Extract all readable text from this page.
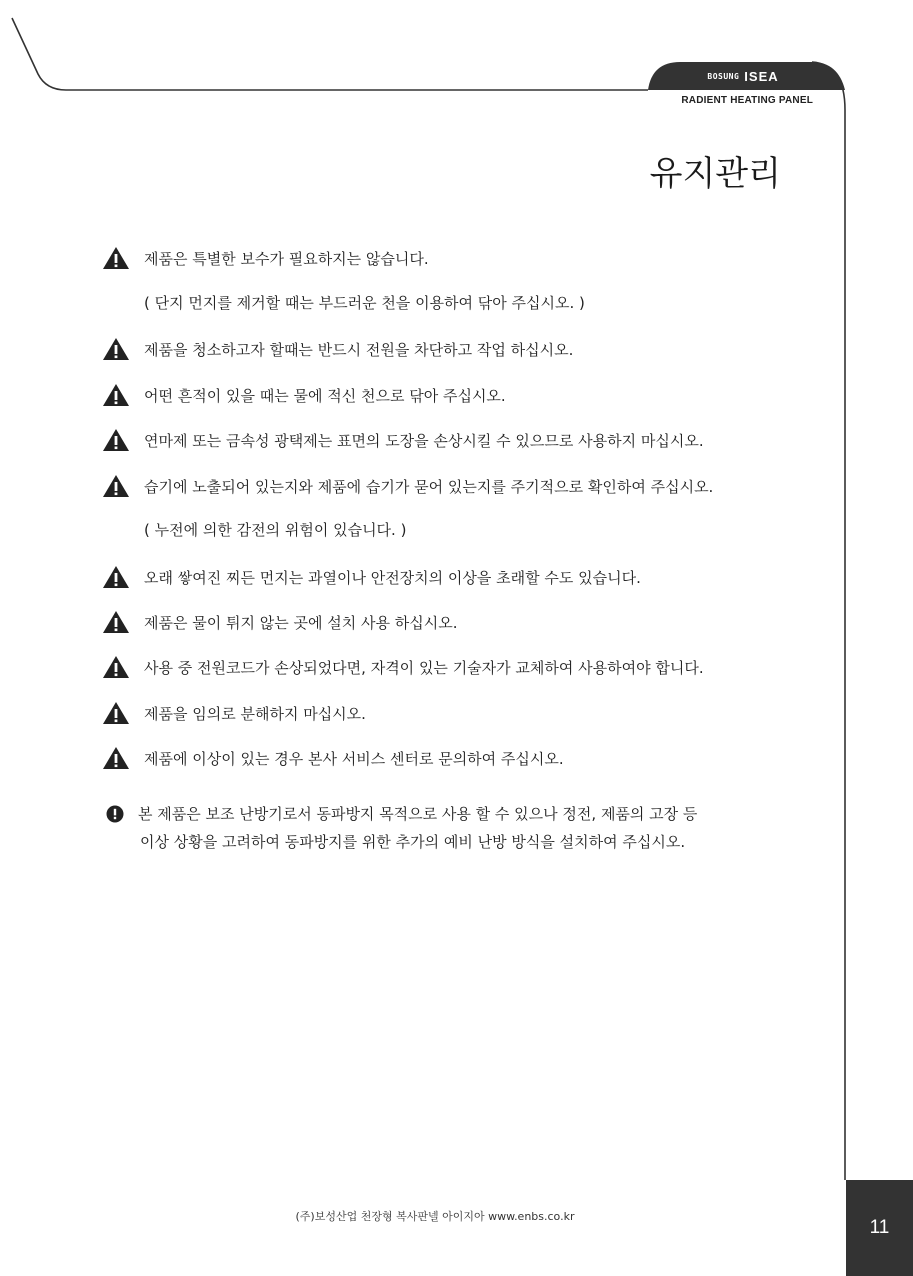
BOSUNG ISEA
RADIENT HEATING PANEL
유지관리
제품은 특별한 보수가 필요하지는 않습니다.
( 단지 먼지를 제거할 때는 부드러운 천을 이용하여 닦아 주십시오. )
제품을 청소하고자 할때는 반드시 전원을 차단하고 작업 하십시오.
어떤 흔적이 있을 때는 물에 적신 천으로 닦아 주십시오.
연마제 또는 금속성 광택제는 표면의 도장을 손상시킬 수 있으므로 사용하지 마십시오.
습기에 노출되어 있는지와 제품에 습기가 묻어 있는지를 주기적으로 확인하여 주십시오.
( 누전에 의한 감전의 위험이 있습니다. )
오래 쌓여진 찌든 먼지는 과열이나 안전장치의 이상을 초래할 수도 있습니다.
제품은 물이 튀지 않는 곳에 설치 사용 하십시오.
사용 중 전원코드가 손상되었다면, 자격이 있는 기술자가 교체하여 사용하여야 합니다.
제품을 임의로 분해하지 마십시오.
제품에 이상이 있는 경우 본사 서비스 센터로 문의하여 주십시오.
본 제품은 보조 난방기로서 동파방지 목적으로 사용 할 수 있으나 정전, 제품의 고장 등
이상 상황을 고려하여 동파방지를 위한 추가의 예비 난방 방식을 설치하여 주십시오.
(주)보성산업 천장형 복사판넬 아이지아 www.enbs.co.kr
11
